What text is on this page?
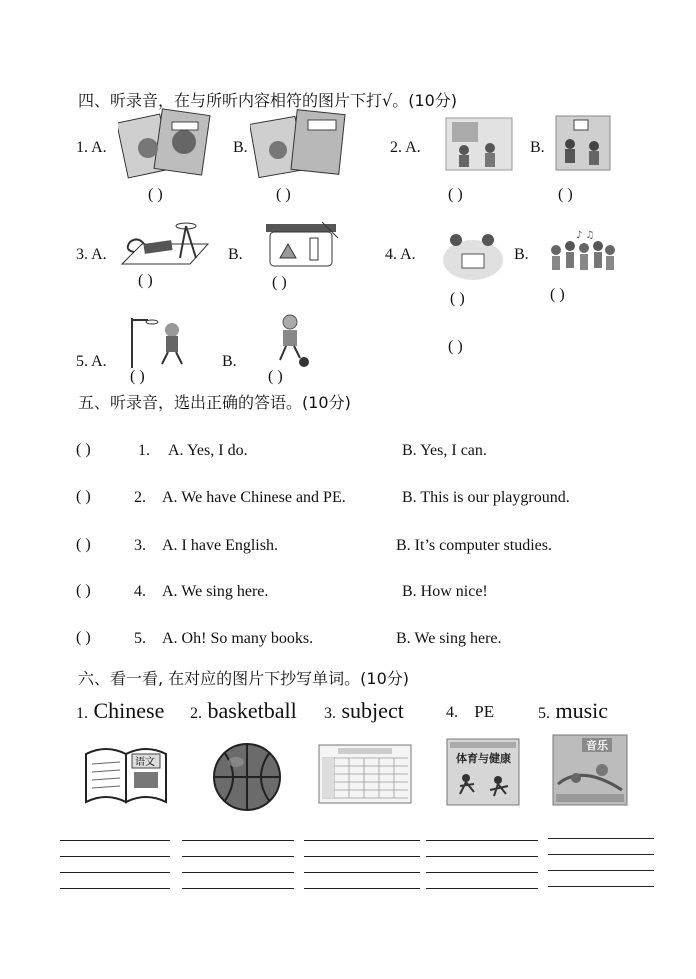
四、听录音，在与所听内容相符的图片下打√。(10分)
1. A.
( )
B.
( )
2. A.
( )
B.
( )
3. A.
( )
B.
( )
4. A.
( )
B.
♪ ♫
( )
5. A.
( )
B.
( )
( )
五、听录音，选出正确的答语。(10分)
( )	1. A. Yes, I do.	B. Yes, I can.
( )	2. A. We have Chinese and PE.	B. This is our playground.
( )	3. A. I have English.	B. It’s computer studies.
( )	4. A. We sing here.	B. How nice!
( )	5. A. Oh! So many books.	B. We sing here.
六、看一看, 在对应的图片下抄写单词。(10分)
1. Chinese 2. basketball 3. subject	4. PE	5. music
语文	体育与健康
音乐
